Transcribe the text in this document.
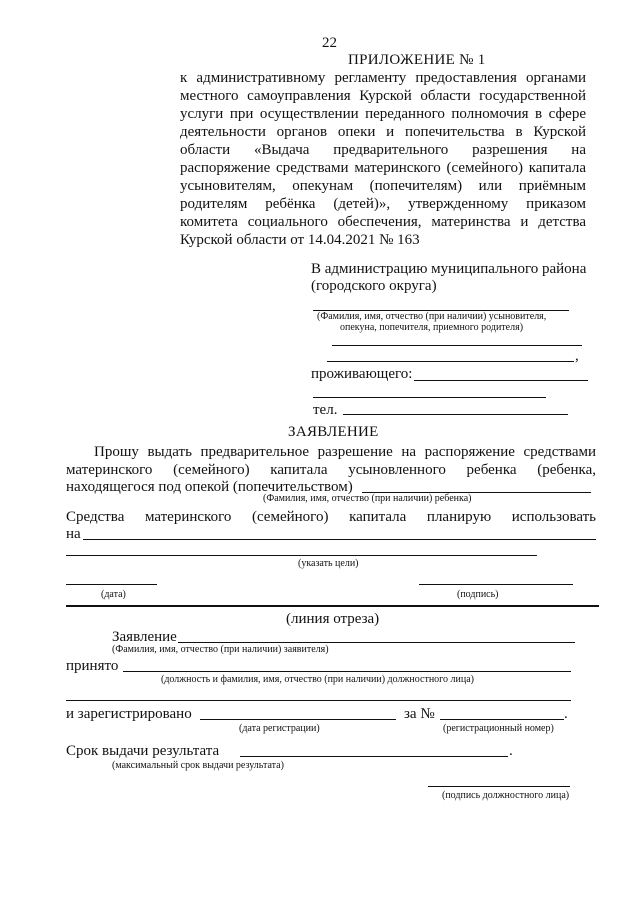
22
ПРИЛОЖЕНИЕ № 1
к административному регламенту предоставления органами
местного самоуправления Курской области государственной
услуги при осуществлении переданного полномочия в сфере
деятельности органов опеки и попечительства в Курской
области «Выдача предварительного разрешения на
распоряжение средствами материнского (семейного) капитала
усыновителям, опекунам (попечителям) или приёмным
родителям ребёнка (детей)», утвержденному приказом
комитета социального обеспечения, материнства и детства
Курской области от 14.04.2021 № 163
В администрацию муниципального района
(городского округа)
(Фамилия, имя, отчество (при наличии) усыновителя,
опекуна, попечителя, приемного родителя)
,
проживающего:
тел.
ЗАЯВЛЕНИЕ
Прошу выдать предварительное разрешение на распоряжение средствами
материнского (семейного) капитала усыновленного ребенка (ребенка,
находящегося под опекой (попечительством)
(Фамилия, имя, отчество (при наличии) ребенка)
Средства материнского (семейного) капитала планирую использовать
на
(указать цели)
(дата)	(подпись)
(линия отреза)
Заявление
(Фамилия, имя, отчество (при наличии) заявителя)
принято
(должность и фамилия, имя, отчество (при наличии) должностного лица)
и зарегистрировано	за №	.
(дата регистрации)	(регистрационный номер)
Срок выдачи результата	.
(максимальный срок выдачи результата)
(подпись должностного лица)
